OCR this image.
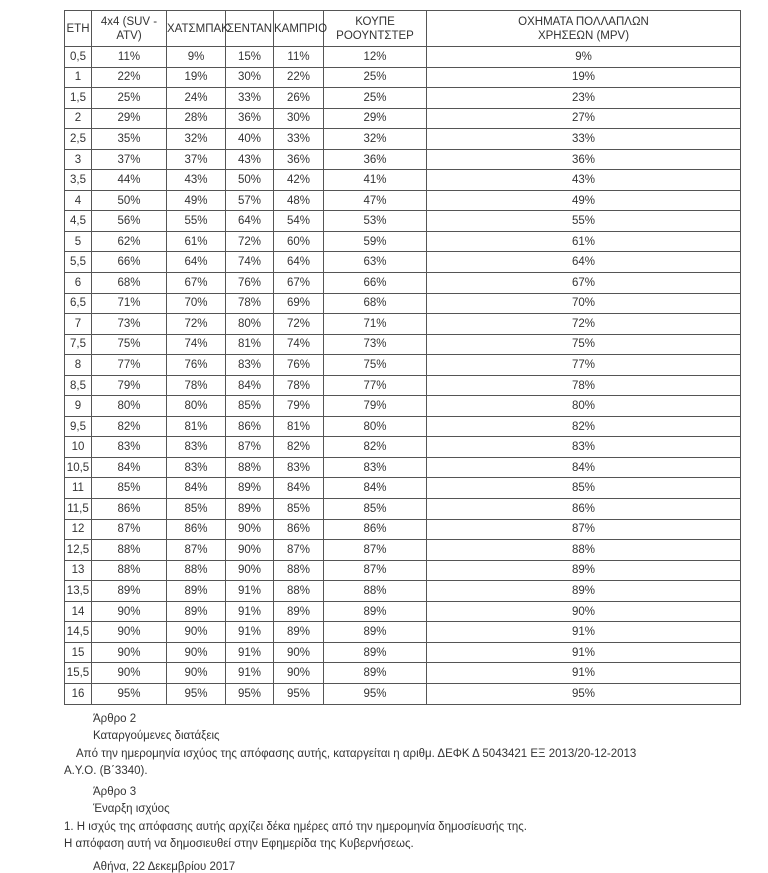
ΕΤΗ	4x4 (SUV - ATV)	ΧΑΤΣΜΠΑΚ	ΣΕΝΤΑΝ	ΚΑΜΠΡΙΟ	ΚΟΥΠΕ ΡΟΟΥΝΤΣΤΕΡ	ΟΧΗΜΑΤΑ ΠΟΛΛΑΠΛΩΝ
ΧΡΗΣΕΩΝ (MPV)

0,5	11%	9%	15%	11%	12%	9%
1	22%	19%	30%	22%	25%	19%
1,5	25%	24%	33%	26%	25%	23%
2	29%	28%	36%	30%	29%	27%
2,5	35%	32%	40%	33%	32%	33%
3	37%	37%	43%	36%	36%	36%
3,5	44%	43%	50%	42%	41%	43%
4	50%	49%	57%	48%	47%	49%
4,5	56%	55%	64%	54%	53%	55%
5	62%	61%	72%	60%	59%	61%
5,5	66%	64%	74%	64%	63%	64%
6	68%	67%	76%	67%	66%	67%
6,5	71%	70%	78%	69%	68%	70%
7	73%	72%	80%	72%	71%	72%
7,5	75%	74%	81%	74%	73%	75%
8	77%	76%	83%	76%	75%	77%
8,5	79%	78%	84%	78%	77%	78%
9	80%	80%	85%	79%	79%	80%
9,5	82%	81%	86%	81%	80%	82%
10	83%	83%	87%	82%	82%	83%
10,5	84%	83%	88%	83%	83%	84%
11	85%	84%	89%	84%	84%	85%
11,5	86%	85%	89%	85%	85%	86%
12	87%	86%	90%	86%	86%	87%
12,5	88%	87%	90%	87%	87%	88%
13	88%	88%	90%	88%	87%	89%
13,5	89%	89%	91%	88%	88%	89%
14	90%	89%	91%	89%	89%	90%
14,5	90%	90%	91%	89%	89%	91%
15	90%	90%	91%	90%	89%	91%
15,5	90%	90%	91%	90%	89%	91%
16	95%	95%	95%	95%	95%	95%
Άρθρο 2
Καταργούμενες διατάξεις
Από την ημερομηνία ισχύος της απόφασης αυτής, καταργείται η αριθμ. ΔΕΦΚ Δ 5043421 ΕΞ 2013/20-12-2013
Α.Υ.Ο. (Β΄3340).
Άρθρο 3
Έναρξη ισχύος
1. Η ισχύς της απόφασης αυτής αρχίζει δέκα ημέρες από την ημερομηνία δημοσίευσής της.
Η απόφαση αυτή να δημοσιευθεί στην Εφημερίδα της Κυβερνήσεως.
Αθήνα, 22 Δεκεμβρίου 2017
